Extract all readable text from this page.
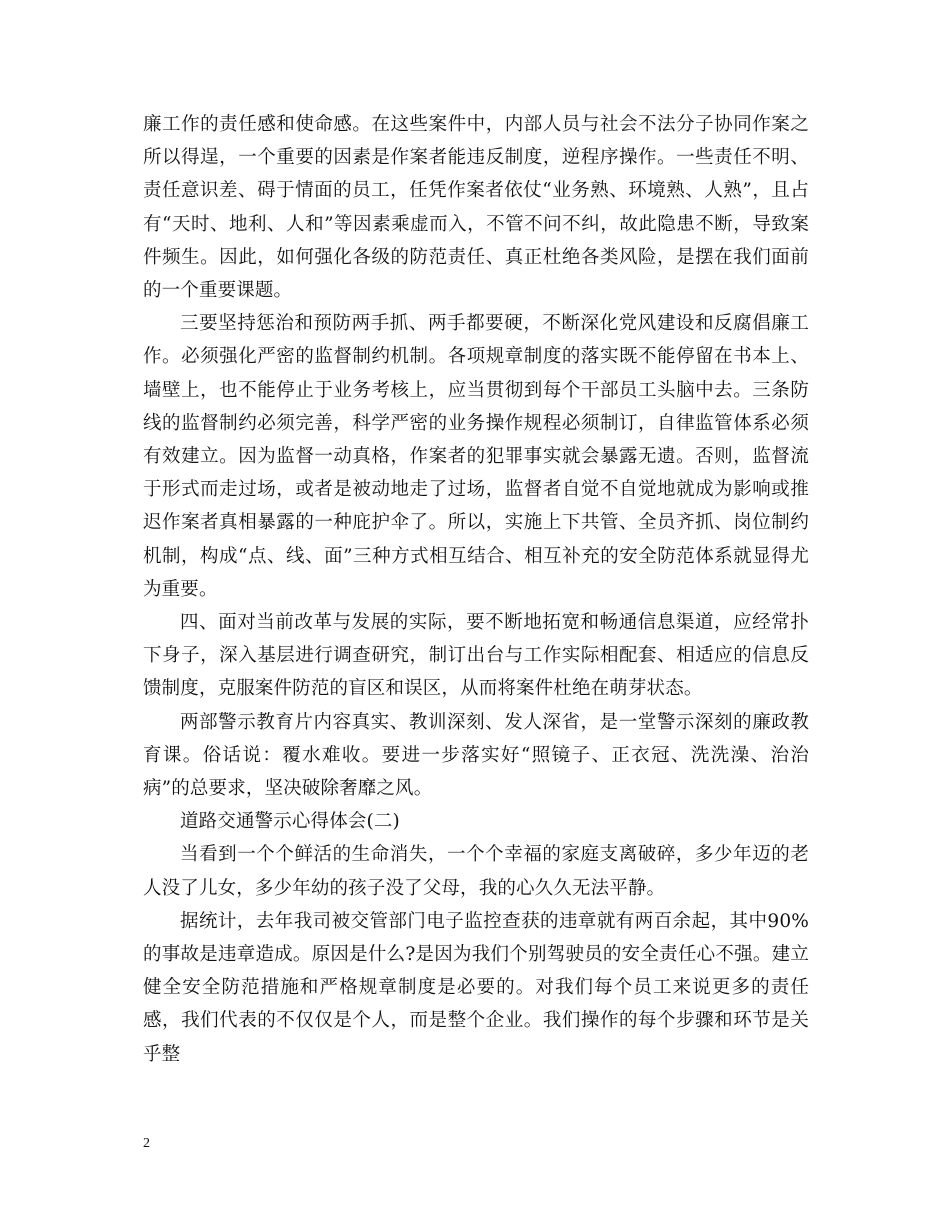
廉工作的责任感和使命感。在这些案件中，内部人员与社会不法分子协同作案之所以得逞，一个重要的因素是作案者能违反制度，逆程序操作。一些责任不明、责任意识差、碍于情面的员工，任凭作案者依仗“业务熟、环境熟、人熟”，且占有“天时、地利、人和”等因素乘虚而入，不管不问不纠，故此隐患不断，导致案件频生。因此，如何强化各级的防范责任、真正杜绝各类风险，是摆在我们面前的一个重要课题。

三要坚持惩治和预防两手抓、两手都要硬，不断深化党风建设和反腐倡廉工作。必须强化严密的监督制约机制。各项规章制度的落实既不能停留在书本上、墙壁上，也不能停止于业务考核上，应当贯彻到每个干部员工头脑中去。三条防线的监督制约必须完善，科学严密的业务操作规程必须制订，自律监管体系必须有效建立。因为监督一动真格，作案者的犯罪事实就会暴露无遗。否则，监督流于形式而走过场，或者是被动地走了过场，监督者自觉不自觉地就成为影响或推迟作案者真相暴露的一种庇护伞了。所以，实施上下共管、全员齐抓、岗位制约机制，构成“点、线、面”三种方式相互结合、相互补充的安全防范体系就显得尤为重要。

四、面对当前改革与发展的实际，要不断地拓宽和畅通信息渠道，应经常扑下身子，深入基层进行调查研究，制订出台与工作实际相配套、相适应的信息反馈制度，克服案件防范的盲区和误区，从而将案件杜绝在萌芽状态。

两部警示教育片内容真实、教训深刻、发人深省，是一堂警示深刻的廉政教育课。俗话说：覆水难收。要进一步落实好“照镜子、正衣冠、洗洗澡、治治病”的总要求，坚决破除奢靡之风。

道路交通警示心得体会(二)

当看到一个个鲜活的生命消失，一个个幸福的家庭支离破碎，多少年迈的老人没了儿女，多少年幼的孩子没了父母，我的心久久无法平静。

据统计，去年我司被交管部门电子监控查获的违章就有两百余起，其中90%的事故是违章造成。原因是什么?是因为我们个别驾驶员的安全责任心不强。建立健全安全防范措施和严格规章制度是必要的。对我们每个员工来说更多的责任感，我们代表的不仅仅是个人，而是整个企业。我们操作的每个步骤和环节是关乎整

2
